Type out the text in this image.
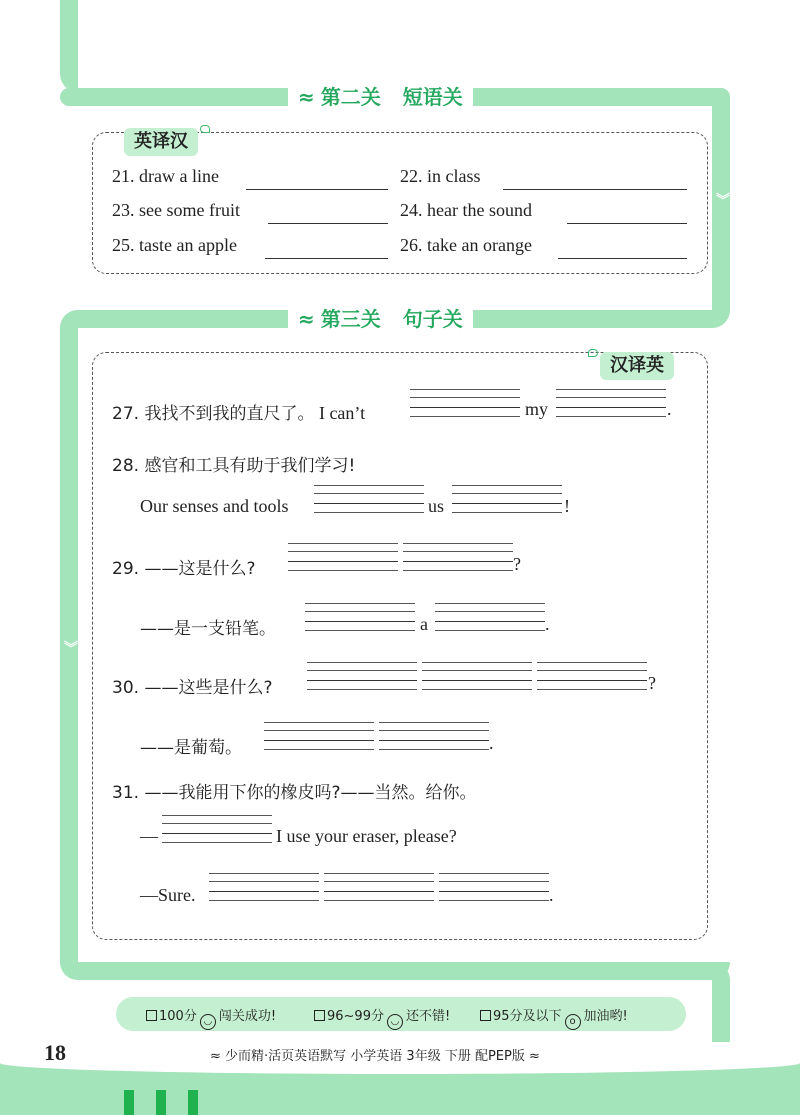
︾
︾
≈ 第二关 短语关
英译汉
21. draw a line	22. in class
23. see some fruit	24. hear the sound
25. taste an apple	26. take an orange
≈ 第三关 句子关
汉译英
27. 我找不到我的直尺了。 I can’t	my	.
28. 感官和工具有助于我们学习!
Our senses and tools	us	!
29. ——这是什么?	?
——是一支铅笔。	a	.
30. ——这些是什么?	?
——是葡萄。	.
31. ——我能用下你的橡皮吗?——当然。给你。
—	I use your eraser, please?
—Sure.	.
100分 ◡ 闯关成功!	96~99分 ◡ 还不错!	95分及以下 o 加油哟!
18	≈ 少而精·活页英语默写 小学英语 3年级 下册 配PEP版 ≈
